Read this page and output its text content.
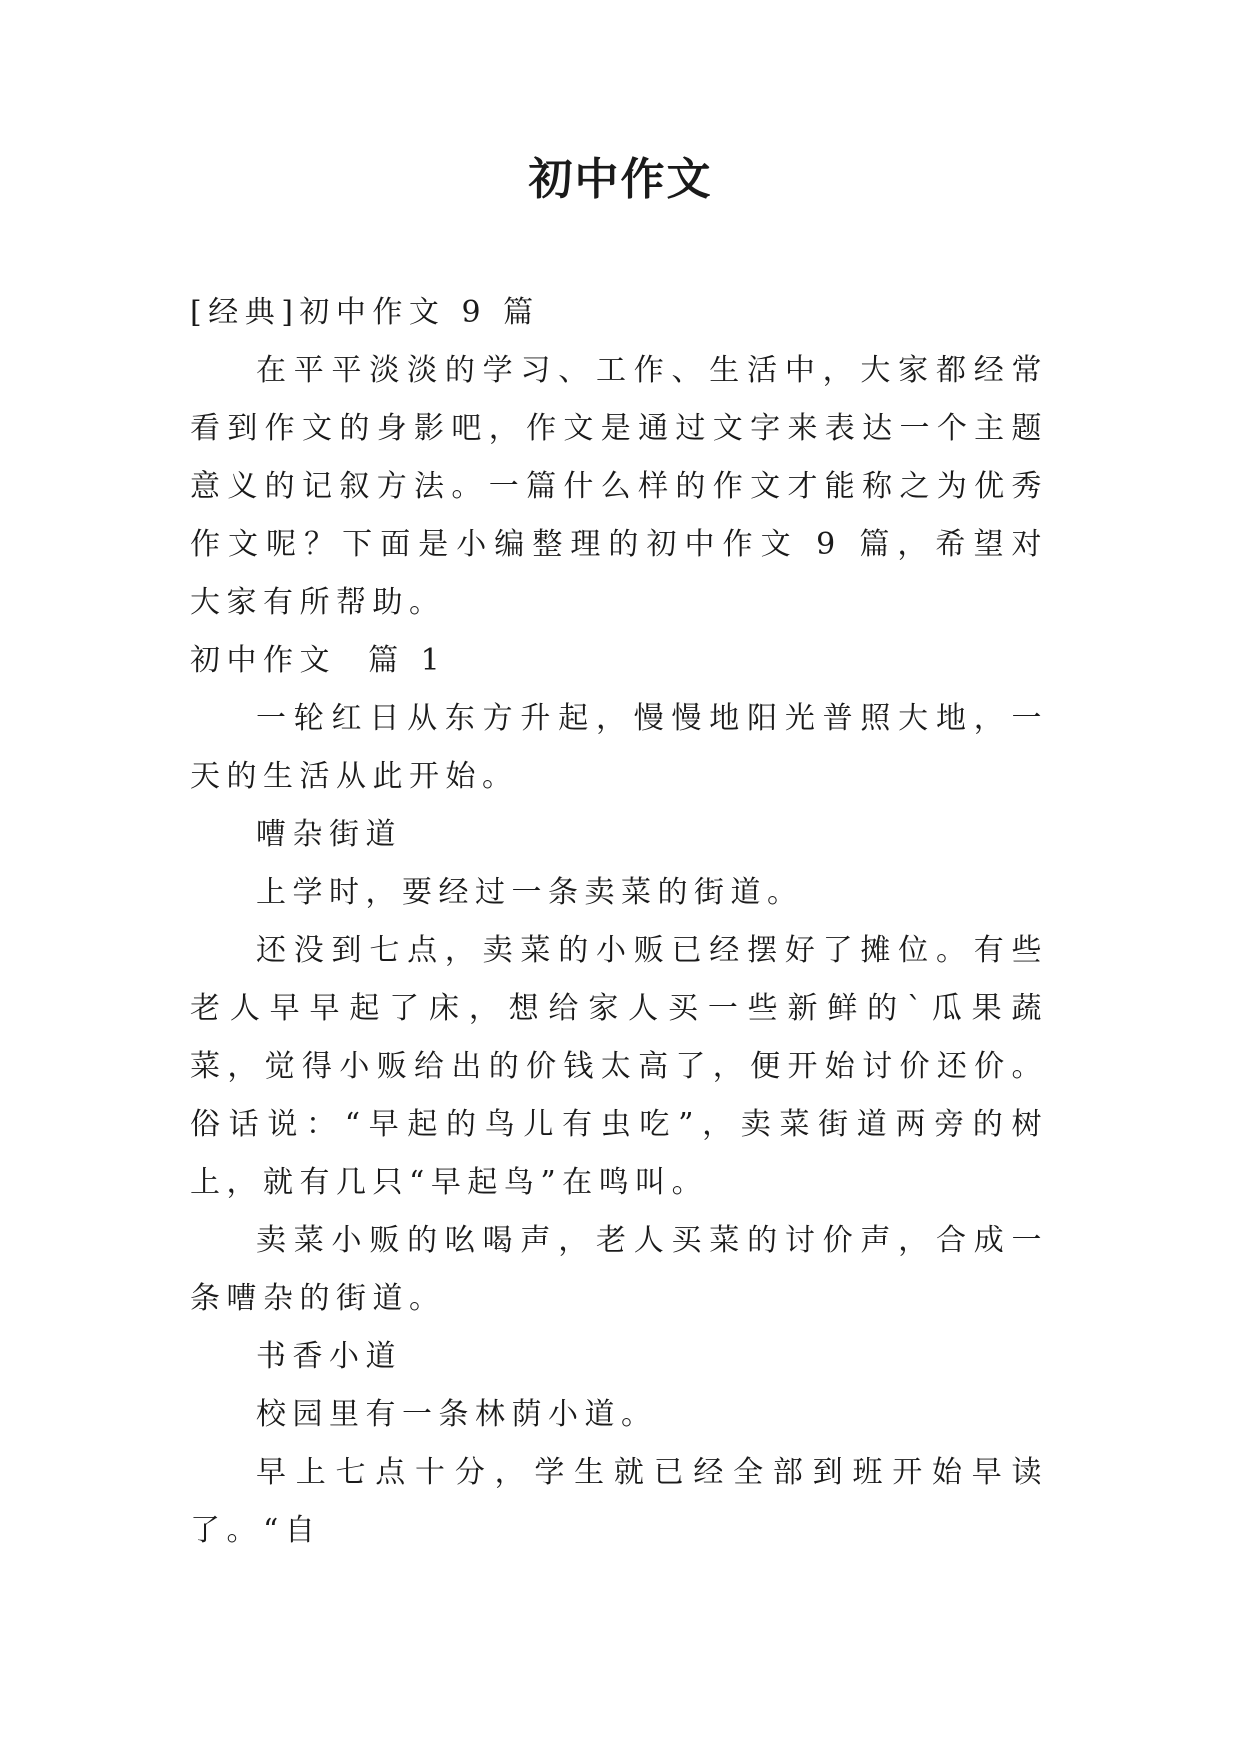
初中作文

[经典]初中作文 9 篇

在平平淡淡的学习、工作、生活中，大家都经常看到作文的身影吧，作文是通过文字来表达一个主题意义的记叙方法。一篇什么样的作文才能称之为优秀作文呢？下面是小编整理的初中作文 9 篇，希望对大家有所帮助。

初中作文  篇 1

一轮红日从东方升起，慢慢地阳光普照大地，一天的生活从此开始。

嘈杂街道

上学时，要经过一条卖菜的街道。

还没到七点，卖菜的小贩已经摆好了摊位。有些老人早早起了床，想给家人买一些新鲜的`瓜果蔬菜，觉得小贩给出的价钱太高了，便开始讨价还价。俗话说：“早起的鸟儿有虫吃”，卖菜街道两旁的树上，就有几只“早起鸟”在鸣叫。

卖菜小贩的吆喝声，老人买菜的讨价声，合成一条嘈杂的街道。

书香小道

校园里有一条林荫小道。

早上七点十分，学生就已经全部到班开始早读了。“自
